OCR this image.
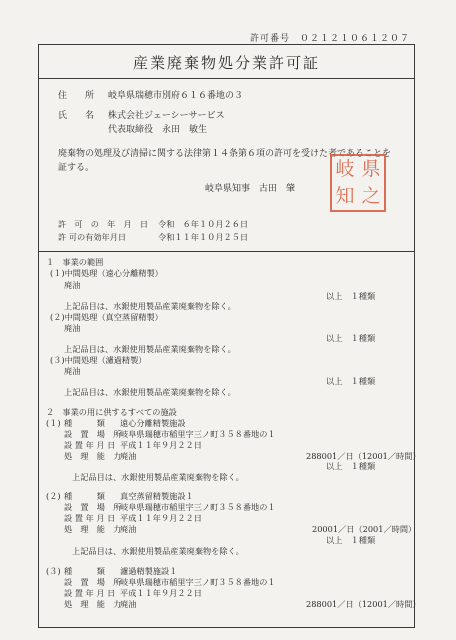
許可番号　０２１２１０６１２０７
産業廃棄物処分業許可証
住　　所 岐阜県瑞穂市別府６１６番地の３
氏　　名 株式会社ジェーシーサービス
代表取締役　永田　敏生
廃棄物の処理及び清掃に関する法律第１４条第６項の許可を受けた者であることを
証する。
岐阜県知事　古田　肇
岐 県
知 之
許　可　の　年　月　日 令和　６年１０月２６日
許 可の有効年月日	令和１１年１０月２５日
１　事業の範囲
(１)中間処理（遠心分離精製）
廃油
以上　１種類
上記品目は、水銀使用製品産業廃棄物を除く。
(２)中間処理（真空蒸留精製）
廃油
以上　１種類
上記品目は、水銀使用製品産業廃棄物を除く。
(３)中間処理（濾過精製）
廃油
以上　１種類
上記品目は、水銀使用製品産業廃棄物を除く。
２　事業の用に供するすべての施設
(１) 種　　　類 遠心分離精製施設
設　置　場　所
岐阜県瑞穂市稲里字三ノ町３５８番地の１
設 置 年 月 日 平成１１年９月２２日
処　理　能　力
廃油	288001／日（12001／時間）
以上　１種類
上記品目は、水銀使用製品産業廃棄物を除く。
(２) 種　　　類 真空蒸留精製施設１
設　置　場　所
岐阜県瑞穂市稲里字三ノ町３５８番地の１
設 置 年 月 日 平成１１年９月２２日
処　理　能　力
廃油	20001／日（2001／時間）
以上　１種類
上記品目は、水銀使用製品産業廃棄物を除く。
(３) 種　　　類 濾過精製施設１
設　置　場　所
岐阜県瑞穂市稲里字三ノ町３５８番地の１
設 置 年 月 日 平成１１年９月２２日
処　理　能　力
廃油	288001／日（12001／時間）
